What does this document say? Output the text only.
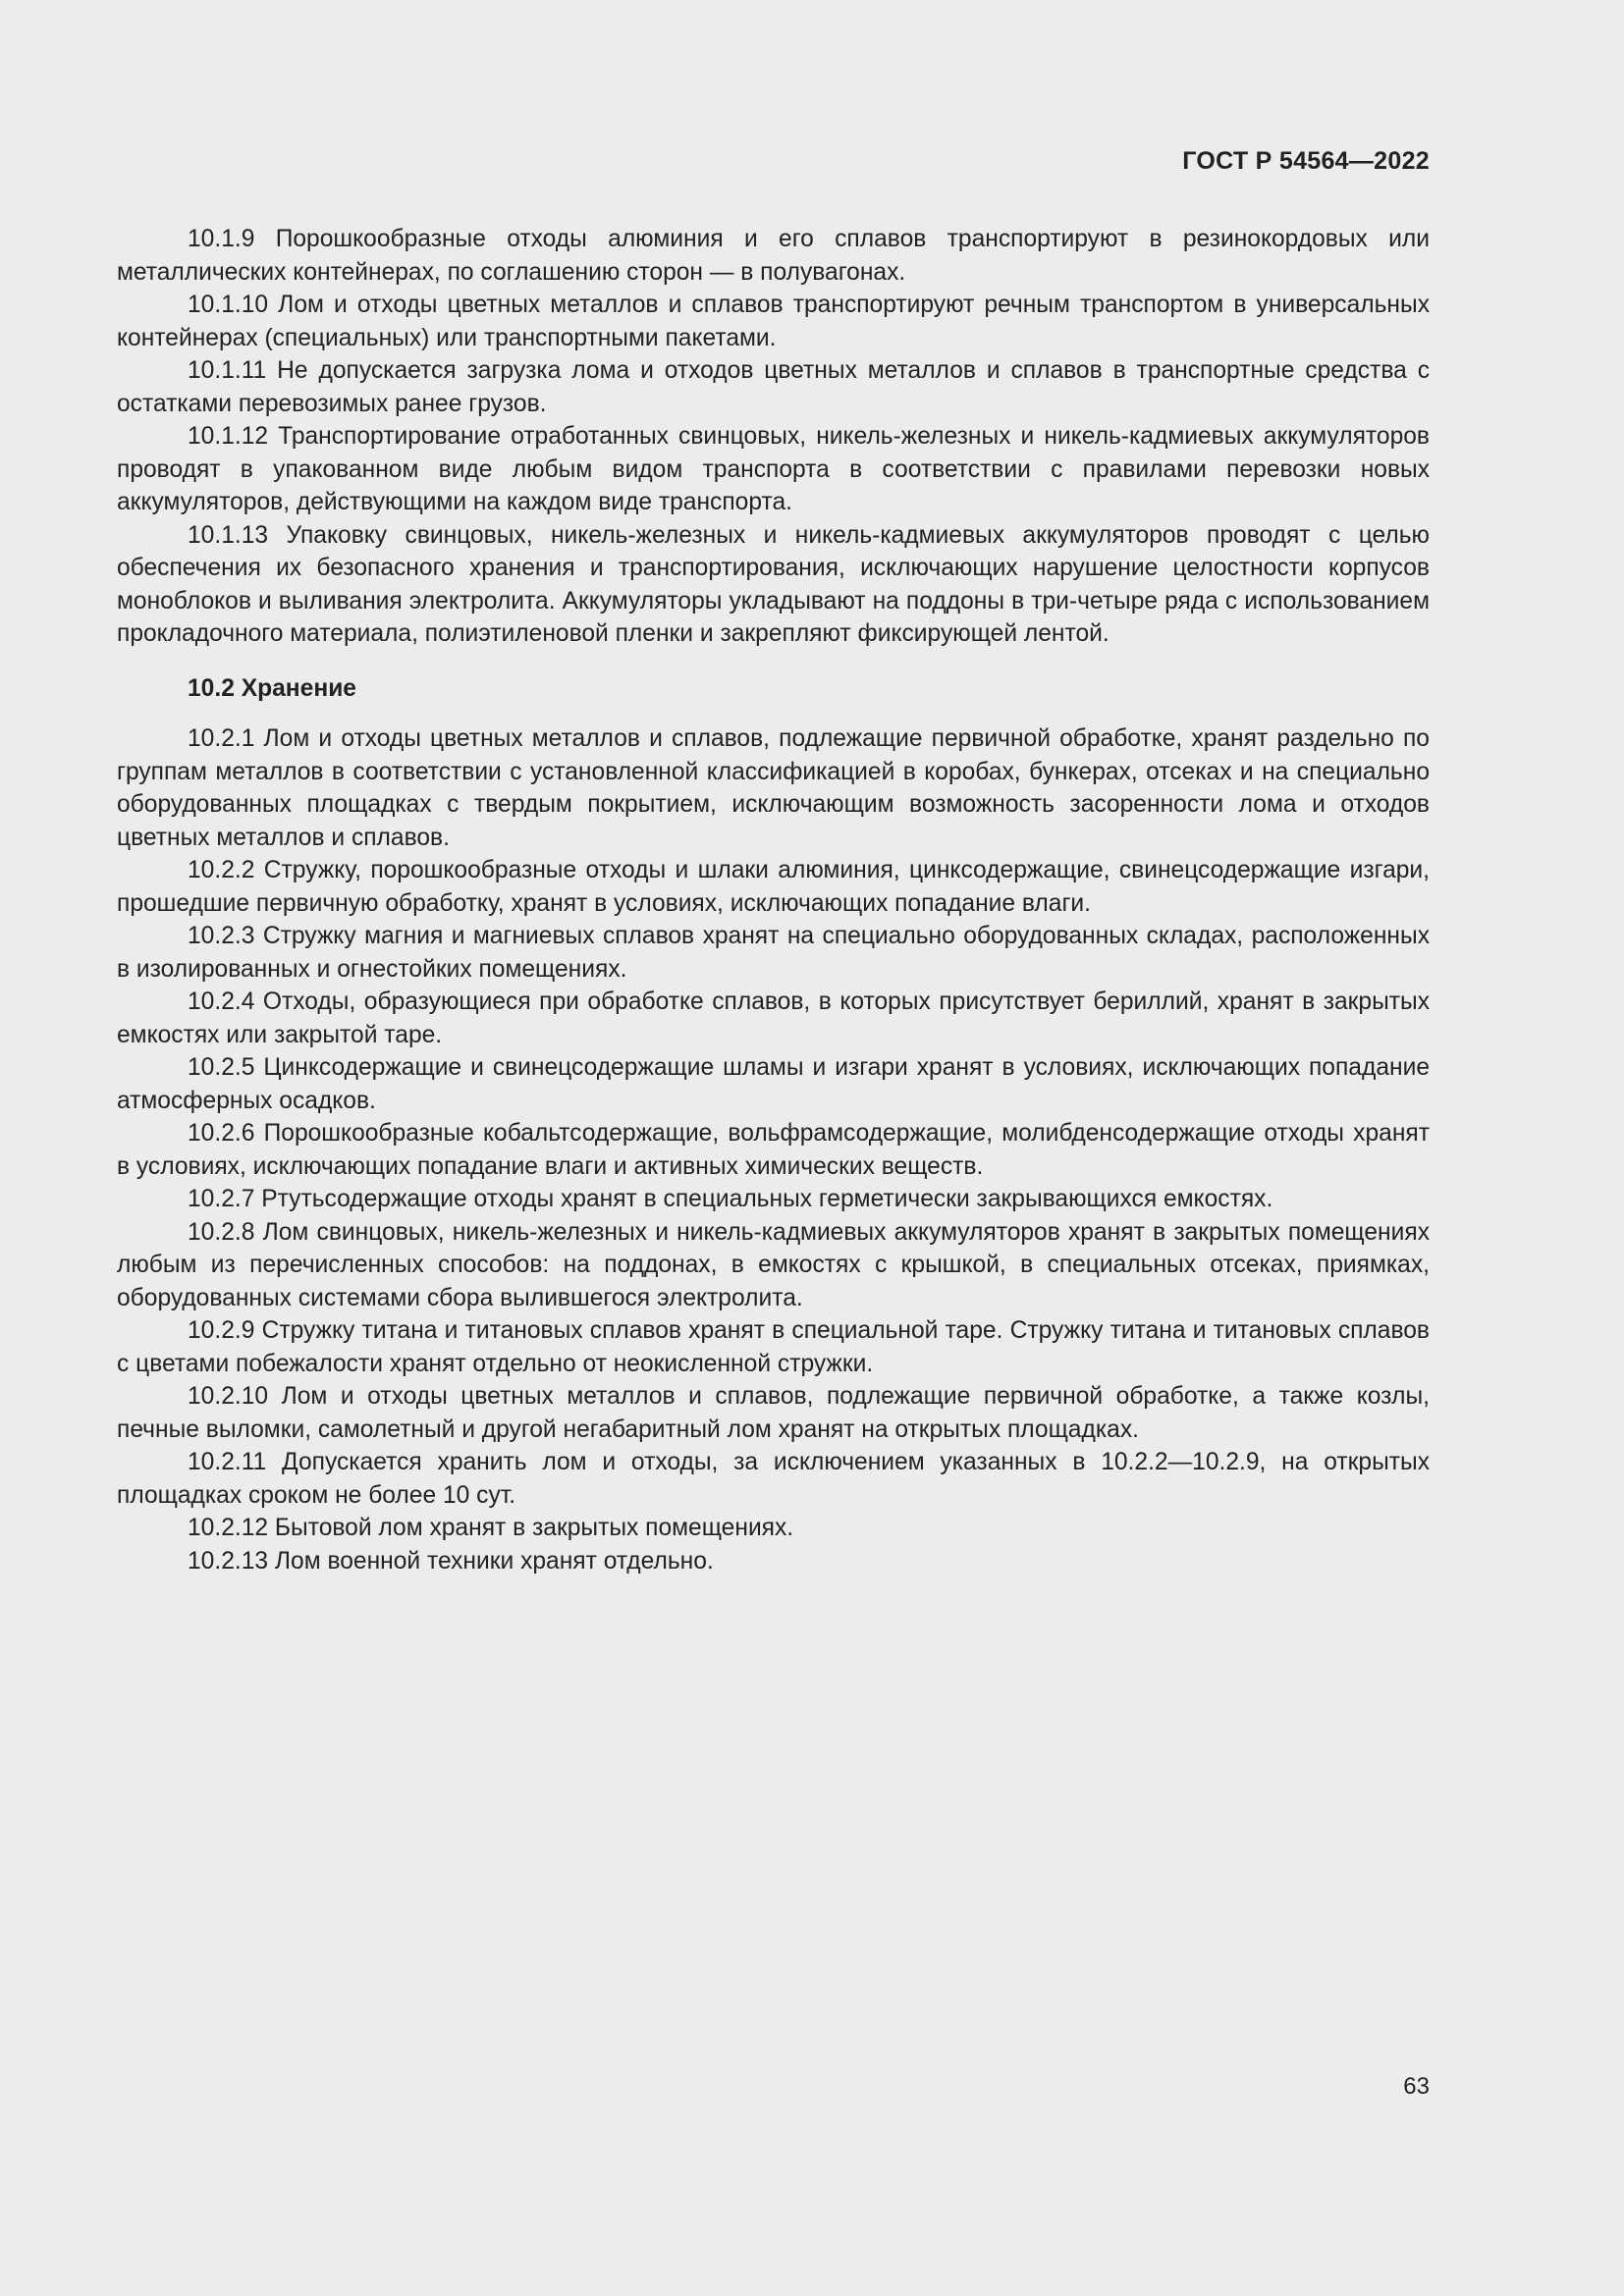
ГОСТ Р 54564—2022

10.1.9 Порошкообразные отходы алюминия и его сплавов транспортируют в резинокордовых или металлических контейнерах, по соглашению сторон — в полувагонах.

10.1.10 Лом и отходы цветных металлов и сплавов транспортируют речным транспортом в универсальных контейнерах (специальных) или транспортными пакетами.

10.1.11 Не допускается загрузка лома и отходов цветных металлов и сплавов в транспортные средства с остатками перевозимых ранее грузов.

10.1.12 Транспортирование отработанных свинцовых, никель-железных и никель-кадмиевых аккумуляторов проводят в упакованном виде любым видом транспорта в соответствии с правилами перевозки новых аккумуляторов, действующими на каждом виде транспорта.

10.1.13 Упаковку свинцовых, никель-железных и никель-кадмиевых аккумуляторов проводят с целью обеспечения их безопасного хранения и транспортирования, исключающих нарушение целостности корпусов моноблоков и выливания электролита. Аккумуляторы укладывают на поддоны в три-четыре ряда с использованием прокладочного материала, полиэтиленовой пленки и закрепляют фиксирующей лентой.

10.2 Хранение

10.2.1 Лом и отходы цветных металлов и сплавов, подлежащие первичной обработке, хранят раздельно по группам металлов в соответствии с установленной классификацией в коробах, бункерах, отсеках и на специально оборудованных площадках с твердым покрытием, исключающим возможность засоренности лома и отходов цветных металлов и сплавов.

10.2.2 Стружку, порошкообразные отходы и шлаки алюминия, цинксодержащие, свинецсодержащие изгари, прошедшие первичную обработку, хранят в условиях, исключающих попадание влаги.

10.2.3 Стружку магния и магниевых сплавов хранят на специально оборудованных складах, расположенных в изолированных и огнестойких помещениях.

10.2.4 Отходы, образующиеся при обработке сплавов, в которых присутствует бериллий, хранят в закрытых емкостях или закрытой таре.

10.2.5 Цинксодержащие и свинецсодержащие шламы и изгари хранят в условиях, исключающих попадание атмосферных осадков.

10.2.6 Порошкообразные кобальтсодержащие, вольфрамсодержащие, молибденсодержащие отходы хранят в условиях, исключающих попадание влаги и активных химических веществ.

10.2.7 Ртутьсодержащие отходы хранят в специальных герметически закрывающихся емкостях.

10.2.8 Лом свинцовых, никель-железных и никель-кадмиевых аккумуляторов хранят в закрытых помещениях любым из перечисленных способов: на поддонах, в емкостях с крышкой, в специальных отсеках, приямках, оборудованных системами сбора вылившегося электролита.

10.2.9 Стружку титана и титановых сплавов хранят в специальной таре. Стружку титана и титановых сплавов с цветами побежалости хранят отдельно от неокисленной стружки.

10.2.10 Лом и отходы цветных металлов и сплавов, подлежащие первичной обработке, а также козлы, печные выломки, самолетный и другой негабаритный лом хранят на открытых площадках.

10.2.11 Допускается хранить лом и отходы, за исключением указанных в 10.2.2—10.2.9, на открытых площадках сроком не более 10 сут.

10.2.12 Бытовой лом хранят в закрытых помещениях.

10.2.13 Лом военной техники хранят отдельно.

63
